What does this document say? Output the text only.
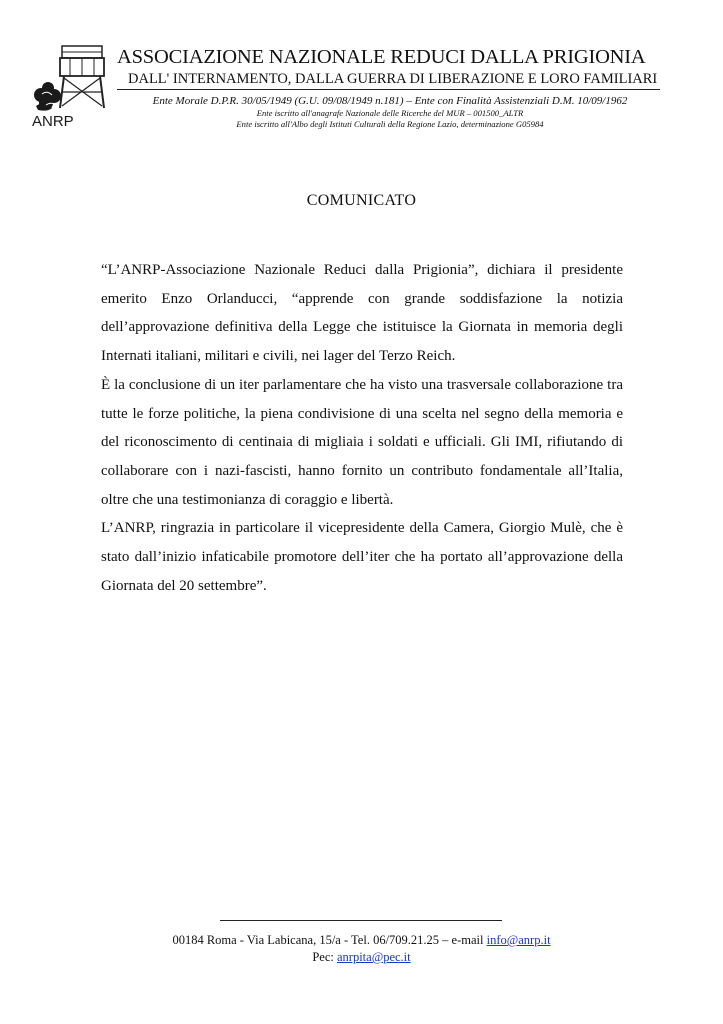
ANRP
ASSOCIAZIONE NAZIONALE REDUCI DALLA PRIGIONIA
DALL' INTERNAMENTO, DALLA GUERRA DI LIBERAZIONE E LORO FAMILIARI
Ente Morale D.P.R. 30/05/1949 (G.U. 09/08/1949 n.181) – Ente con Finalità Assistenziali D.M. 10/09/1962
Ente iscritto all'anagrafe Nazionale delle Ricerche del MUR – 001500_ALTR
Ente iscritto all'Albo degli Istituti Culturali della Regione Lazio, determinazione G05984
COMUNICATO

“L’ANRP-Associazione Nazionale Reduci dalla Prigionia”, dichiara il presidente emerito Enzo Orlanducci, “apprende con grande soddisfazione la notizia dell’approvazione definitiva della Legge che istituisce la Giornata in memoria degli Internati italiani, militari e civili, nei lager del Terzo Reich.

È la conclusione di un iter parlamentare che ha visto una trasversale collaborazione tra tutte le forze politiche, la piena condivisione di una scelta nel segno della memoria e del riconoscimento di centinaia di migliaia i soldati e ufficiali. Gli IMI, rifiutando di collaborare con i nazi-fascisti, hanno fornito un contributo fondamentale all’Italia, oltre che una testimonianza di coraggio e libertà.

L’ANRP, ringrazia in particolare il vicepresidente della Camera, Giorgio Mulè, che è stato dall’inizio infaticabile promotore dell’iter che ha portato all’approvazione della Giornata del 20 settembre”.

00184 Roma - Via Labicana, 15/a - Tel. 06/709.21.25 – e-mail info@anrp.it
Pec: anrpita@pec.it
